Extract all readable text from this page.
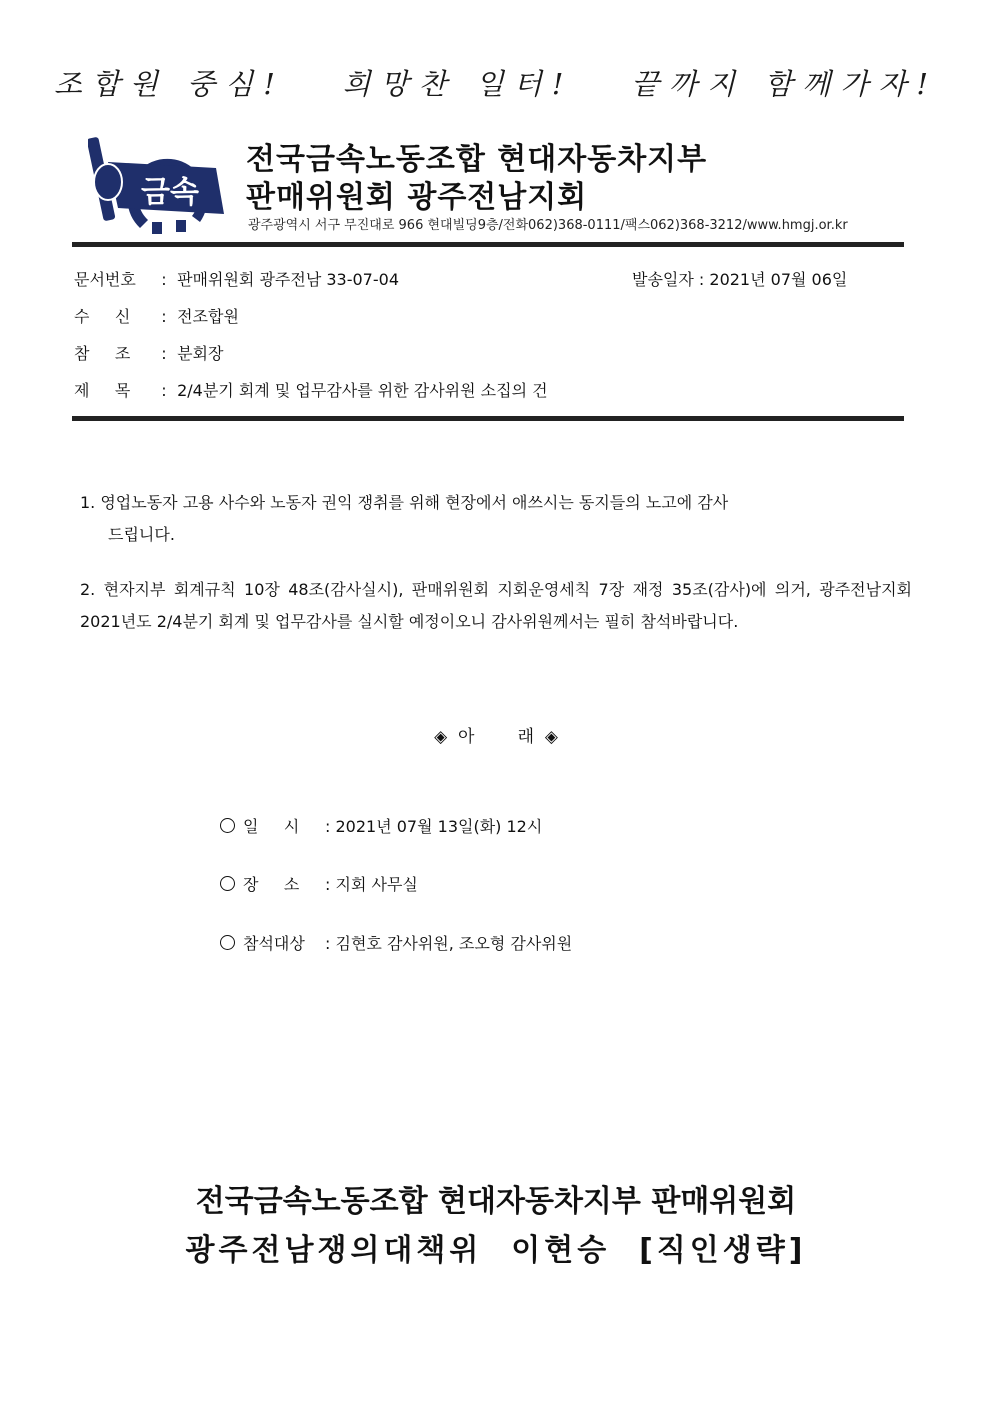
조합원 중심!   희망찬 일터!   끝까지 함께가자!
금속
전국금속노동조합 현대자동차지부
판매위원회 광주전남지회
광주광역시 서구 무진대로 966 현대빌딩9층/전화062)368-0111/팩스062)368-3212/www.hmgj.or.kr
문서번호 : 판매위원회 광주전남 33-07-04	발송일자 : 2021년 07월 06일
수     신 : 전조합원
참     조 : 분회장
제     목 : 2/4분기 회계 및 업무감사를 위한 감사위원 소집의 건
1. 영업노동자 고용 사수와 노동자 권익 쟁취를 위해 현장에서 애쓰시는 동지들의 노고에 감사
드립니다.
2. 현자지부 회계규칙 10장 48조(감사실시), 판매위원회 지회운영세칙 7장 재정 35조(감사)에 의거, 광주전남지회 2021년도 2/4분기 회계 및 업무감사를 실시할 예정이오니 감사위원께서는 필히 참석바랍니다.
◈  아        래  ◈
일     시 : 2021년 07월 13일(화) 12시
장     소 : 지회 사무실
참석대상 : 김현호 감사위원, 조오형 감사위원
전국금속노동조합 현대자동차지부 판매위원회
광주전남쟁의대책위  이현승  [직인생략]
